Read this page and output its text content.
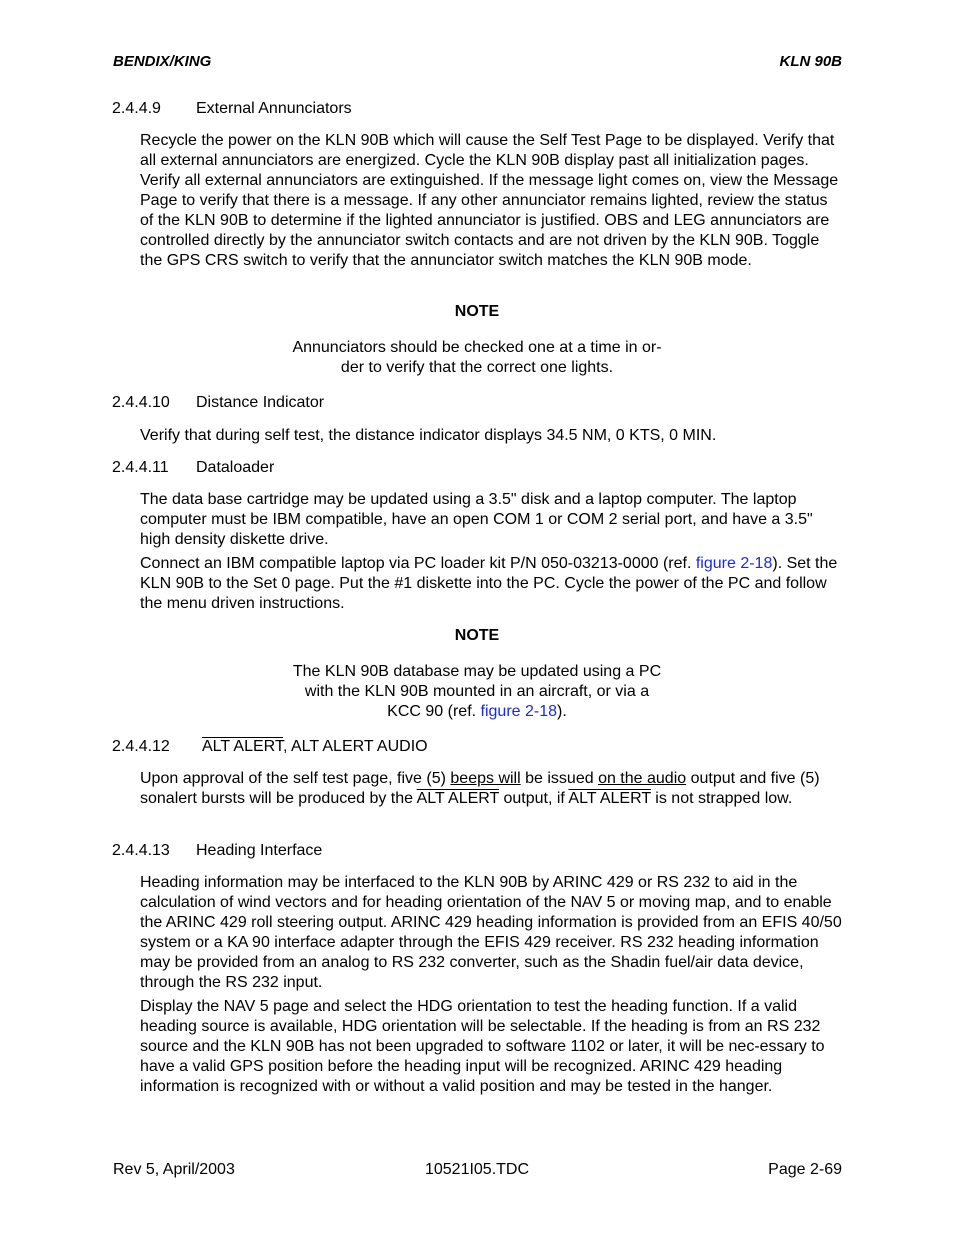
BENDIX/KING	KLN 90B
2.4.4.9 External Annunciators
Recycle the power on the KLN 90B which will cause the Self Test Page to be displayed. Verify that all external annunciators are energized. Cycle the KLN 90B display past all initialization pages. Verify all external annunciators are extinguished. If the message light comes on, view the Message Page to verify that there is a message. If any other annunciator remains lighted, review the status of the KLN 90B to determine if the lighted annunciator is justified. OBS and LEG annunciators are controlled directly by the annunciator switch contacts and are not driven by the KLN 90B. Toggle the GPS CRS switch to verify that the annunciator switch matches the KLN 90B mode.
NOTE
Annunciators should be checked one at a time in or-
der to verify that the correct one lights.
2.4.4.10 Distance Indicator
Verify that during self test, the distance indicator displays 34.5 NM, 0 KTS, 0 MIN.
2.4.4.11 Dataloader
The data base cartridge may be updated using a 3.5" disk and a laptop computer. The laptop computer must be IBM compatible, have an open COM 1 or COM 2 serial port, and have a 3.5" high density diskette drive.
Connect an IBM compatible laptop via PC loader kit P/N 050-03213-0000 (ref. figure 2-18). Set the KLN 90B to the Set 0 page. Put the #1 diskette into the PC. Cycle the power of the PC and follow the menu driven instructions.
NOTE
The KLN 90B database may be updated using a PC
with the KLN 90B mounted in an aircraft, or via a
KCC 90 (ref. figure 2-18).
2.4.4.12 ALT ALERT, ALT ALERT AUDIO
Upon approval of the self test page, five (5) beeps will be issued on the audio output and five (5) sonalert bursts will be produced by the ALT ALERT output, if ALT ALERT is not strapped low.
2.4.4.13 Heading Interface
Heading information may be interfaced to the KLN 90B by ARINC 429 or RS 232 to aid in the calculation of wind vectors and for heading orientation of the NAV 5 or moving map, and to enable the ARINC 429 roll steering output. ARINC 429 heading information is provided from an EFIS 40/50 system or a KA 90 interface adapter through the EFIS 429 receiver. RS 232 heading information may be provided from an analog to RS 232 converter, such as the Shadin fuel/air data device, through the RS 232 input.
Display the NAV 5 page and select the HDG orientation to test the heading function. If a valid heading source is available, HDG orientation will be selectable. If the heading is from an RS 232 source and the KLN 90B has not been upgraded to software 1102 or later, it will be nec-essary to have a valid GPS position before the heading input will be recognized. ARINC 429 heading information is recognized with or without a valid position and may be tested in the hanger.
Rev 5, April/2003	10521I05.TDC	Page 2-69
